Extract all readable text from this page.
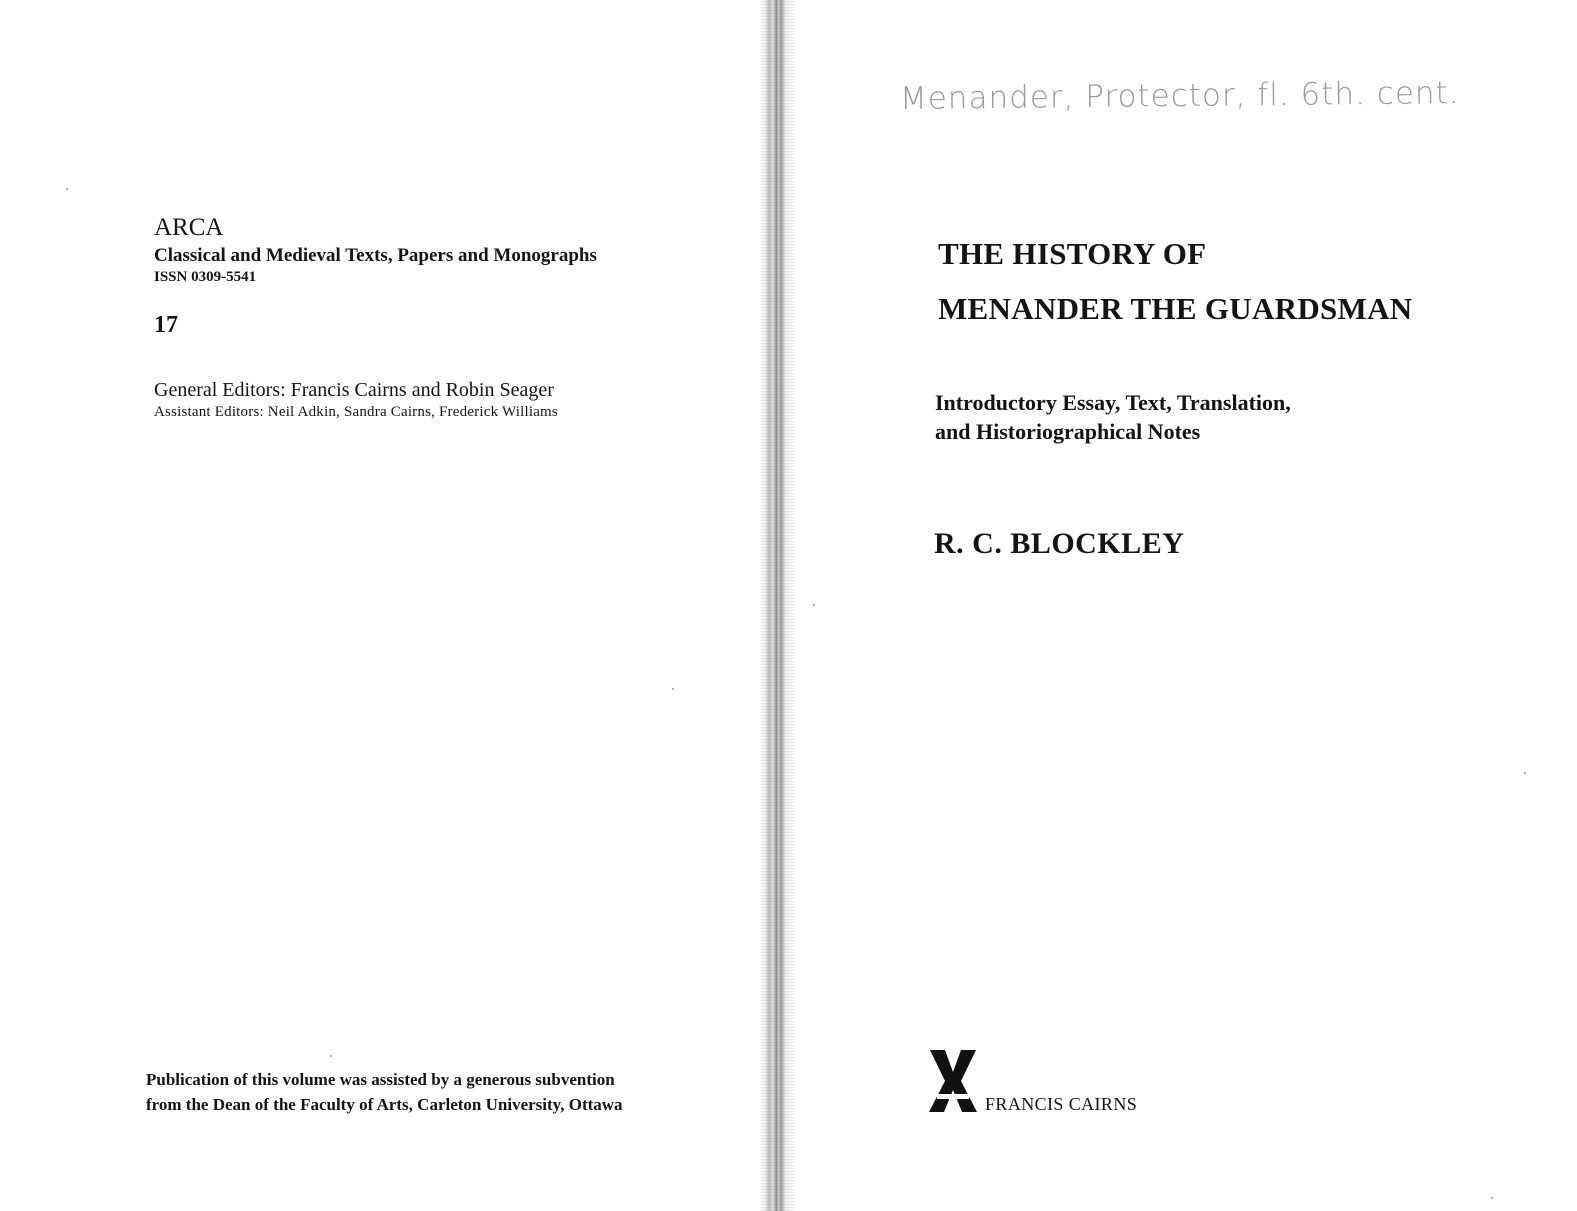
ARCA

Classical and Medieval Texts, Papers and Monographs

ISSN 0309-5541

17

General Editors: Francis Cairns and Robin Seager

Assistant Editors: Neil Adkin, Sandra Cairns, Frederick Williams

Publication of this volume was assisted by a generous subvention
from the Dean of the Faculty of Arts, Carleton University, Ottawa

Menander, Protector, fl. 6th. cent.

THE HISTORY OF

MENANDER THE GUARDSMAN

Introductory Essay, Text, Translation,

and Historiographical Notes

R. C. BLOCKLEY

FRANCIS CAIRNS
